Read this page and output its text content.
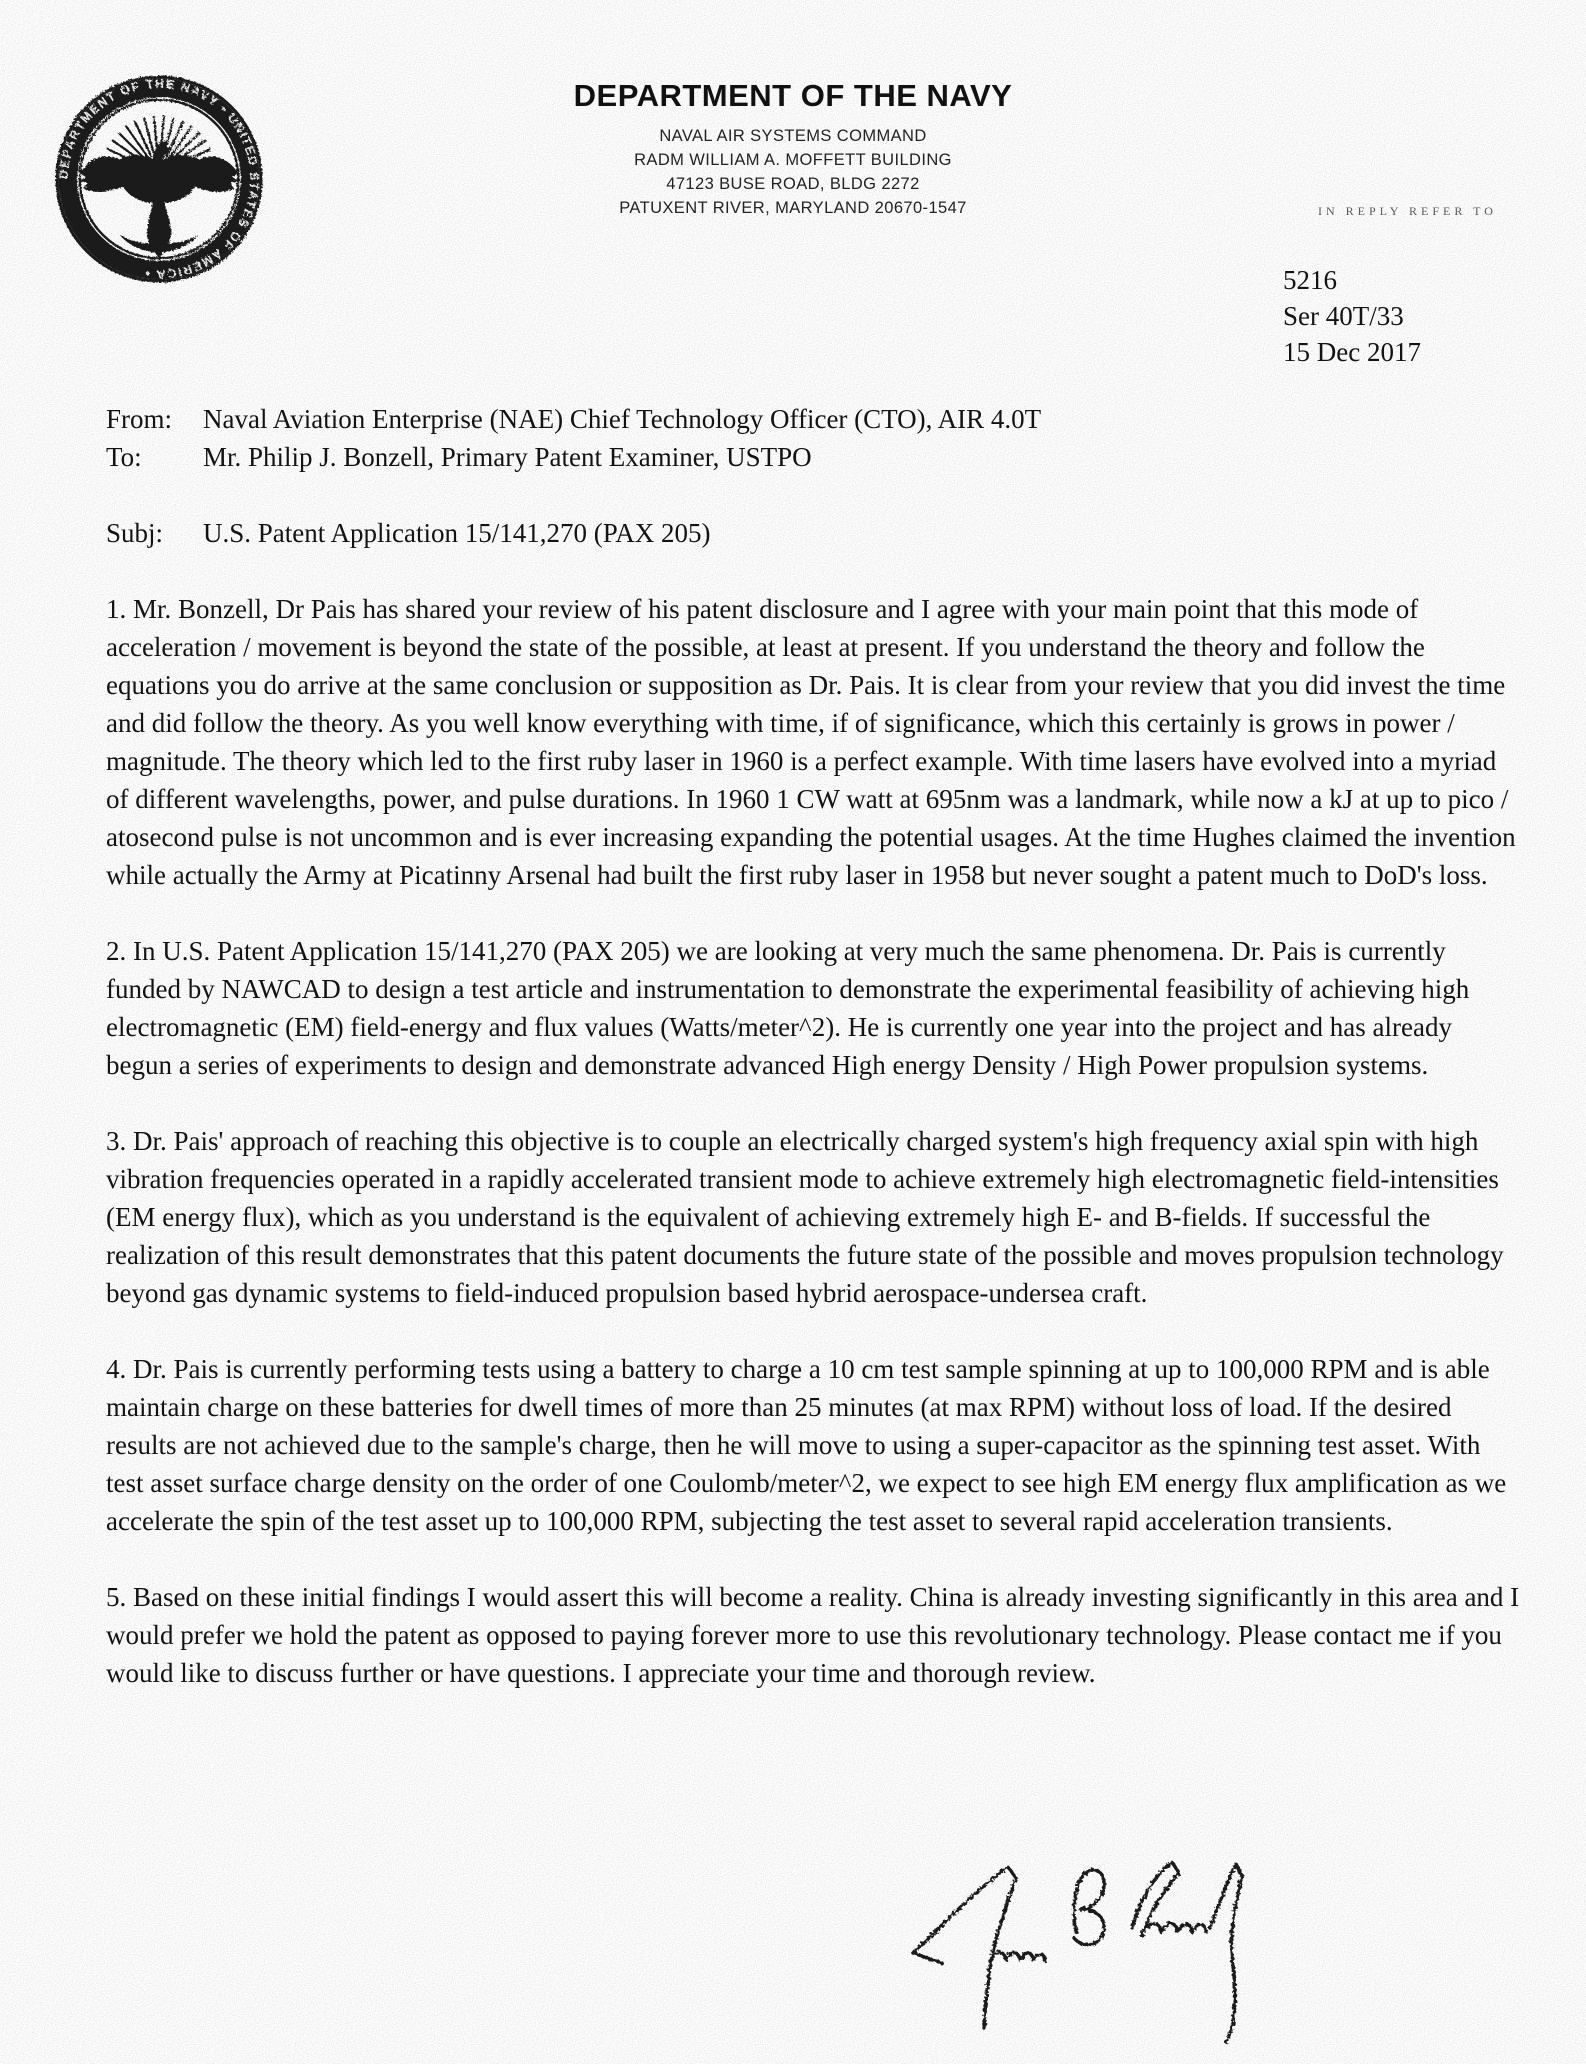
DEPARTMENT OF THE NAVY • UNITED STATES OF AMERICA •
DEPARTMENT OF THE NAVY
NAVAL AIR SYSTEMS COMMAND
RADM WILLIAM A. MOFFETT BUILDING
47123 BUSE ROAD, BLDG 2272
PATUXENT RIVER, MARYLAND 20670-1547	IN REPLY REFER TO
5216
Ser 40T/33
15 Dec 2017
From:	Naval Aviation Enterprise (NAE) Chief Technology Officer (CTO), AIR 4.0T
To:	Mr. Philip J. Bonzell, Primary Patent Examiner, USTPO
Subj:	U.S. Patent Application 15/141,270 (PAX 205)

1. Mr. Bonzell, Dr Pais has shared your review of his patent disclosure and I agree with your main point that this mode of acceleration / movement is beyond the state of the possible, at least at present. If you understand the theory and follow the equations you do arrive at the same conclusion or supposition as Dr. Pais. It is clear from your review that you did invest the time and did follow the theory. As you well know everything with time, if of significance, which this certainly is grows in power / magnitude. The theory which led to the first ruby laser in 1960 is a perfect example. With time lasers have evolved into a myriad of different wavelengths, power, and pulse durations. In 1960 1 CW watt at 695nm was a landmark, while now a kJ at up to pico / atosecond pulse is not uncommon and is ever increasing expanding the potential usages. At the time Hughes claimed the invention while actually the Army at Picatinny Arsenal had built the first ruby laser in 1958 but never sought a patent much to DoD's loss.

2. In U.S. Patent Application 15/141,270 (PAX 205) we are looking at very much the same phenomena. Dr. Pais is currently funded by NAWCAD to design a test article and instrumentation to demonstrate the experimental feasibility of achieving high electromagnetic (EM) field-energy and flux values (Watts/meter^2). He is currently one year into the project and has already begun a series of experiments to design and demonstrate advanced High energy Density / High Power propulsion systems.

3. Dr. Pais' approach of reaching this objective is to couple an electrically charged system's high frequency axial spin with high vibration frequencies operated in a rapidly accelerated transient mode to achieve extremely high electromagnetic field-intensities (EM energy flux), which as you understand is the equivalent of achieving extremely high E- and B-fields. If successful the realization of this result demonstrates that this patent documents the future state of the possible and moves propulsion technology beyond gas dynamic systems to field-induced propulsion based hybrid aerospace-undersea craft.

4. Dr. Pais is currently performing tests using a battery to charge a 10 cm test sample spinning at up to 100,000 RPM and is able maintain charge on these batteries for dwell times of more than 25 minutes (at max RPM) without loss of load. If the desired results are not achieved due to the sample's charge, then he will move to using a super-capacitor as the spinning test asset. With test asset surface charge density on the order of one Coulomb/meter^2, we expect to see high EM energy flux amplification as we accelerate the spin of the test asset up to 100,000 RPM, subjecting the test asset to several rapid acceleration transients.

5. Based on these initial findings I would assert this will become a reality. China is already investing significantly in this area and I would prefer we hold the patent as opposed to paying forever more to use this revolutionary technology. Please contact me if you would like to discuss further or have questions. I appreciate your time and thorough review.
